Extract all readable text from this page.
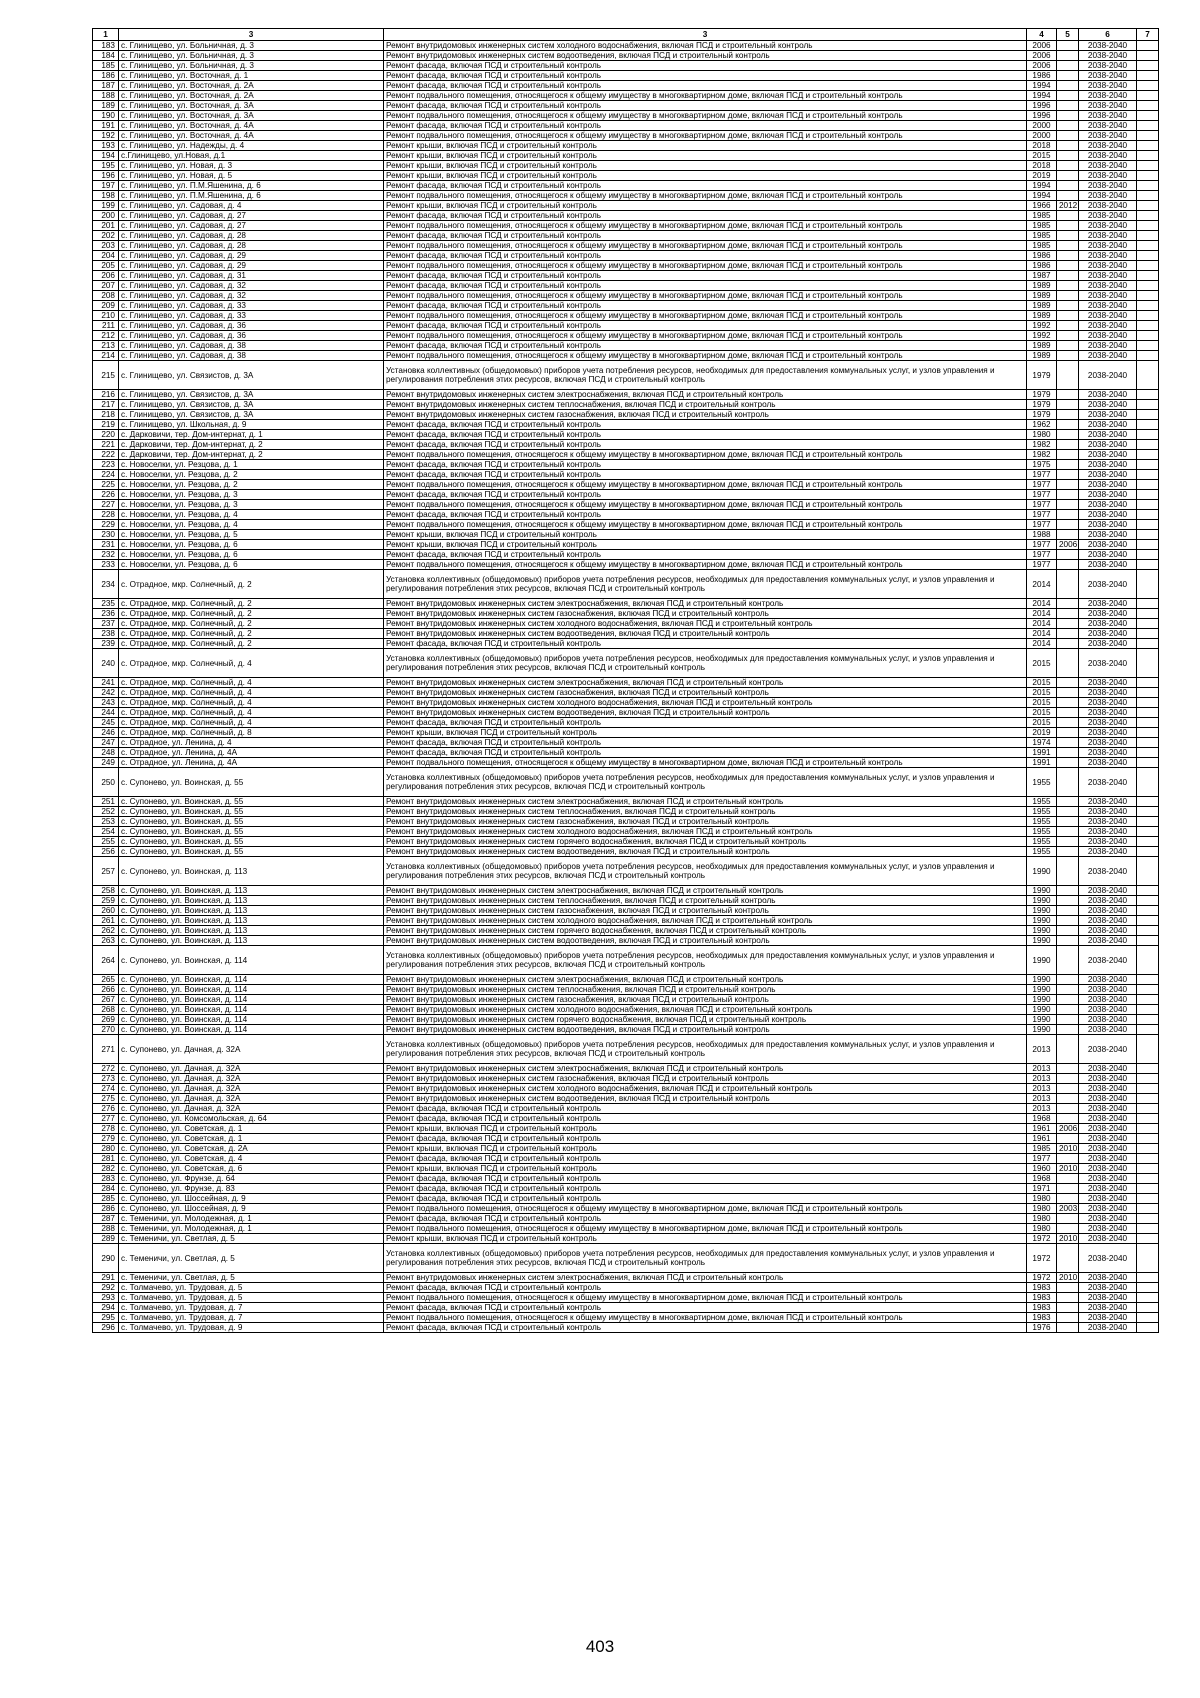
1	3	3	4	5	6	7
183	с. Глинищево, ул. Больничная, д. 3	Ремонт внутридомовых инженерных систем холодного водоснабжения, включая ПСД и строительный контроль	2006		2038-2040	
184	с. Глинищево, ул. Больничная, д. 3	Ремонт внутридомовых инженерных систем водоотведения, включая ПСД и строительный контроль	2006		2038-2040	
185	с. Глинищево, ул. Больничная, д. 3	Ремонт фасада, включая ПСД и строительный контроль	2006		2038-2040	
186	с. Глинищево, ул. Восточная, д. 1	Ремонт фасада, включая ПСД и строительный контроль	1986		2038-2040	
187	с. Глинищево, ул. Восточная, д. 2А	Ремонт фасада, включая ПСД и строительный контроль	1994		2038-2040	
188	с. Глинищево, ул. Восточная, д. 2А	Ремонт подвального помещения, относящегося к общему имуществу в многоквартирном доме, включая ПСД и строительный контроль	1994		2038-2040	
189	с. Глинищево, ул. Восточная, д. 3А	Ремонт фасада, включая ПСД и строительный контроль	1996		2038-2040	
190	с. Глинищево, ул. Восточная, д. 3А	Ремонт подвального помещения, относящегося к общему имуществу в многоквартирном доме, включая ПСД и строительный контроль	1996		2038-2040	
191	с. Глинищево, ул. Восточная, д. 4А	Ремонт фасада, включая ПСД и строительный контроль	2000		2038-2040	
192	с. Глинищево, ул. Восточная, д. 4А	Ремонт подвального помещения, относящегося к общему имуществу в многоквартирном доме, включая ПСД и строительный контроль	2000		2038-2040	
193	с. Глинищево, ул. Надежды, д. 4	Ремонт крыши, включая ПСД и строительный контроль	2018		2038-2040	
194	с.Глинищево, ул.Новая, д.1	Ремонт крыши, включая ПСД и строительный контроль	2015		2038-2040	
195	с. Глинищево, ул. Новая, д. 3	Ремонт крыши, включая ПСД и строительный контроль	2018		2038-2040	
196	с. Глинищево, ул. Новая, д. 5	Ремонт крыши, включая ПСД и строительный контроль	2019		2038-2040	
197	с. Глинищево, ул. П.М.Яшенина, д. 6	Ремонт фасада, включая ПСД и строительный контроль	1994		2038-2040	
198	с. Глинищево, ул. П.М.Яшенина, д. 6	Ремонт подвального помещения, относящегося к общему имуществу в многоквартирном доме, включая ПСД и строительный контроль	1994		2038-2040	
199	с. Глинищево, ул. Садовая, д. 4	Ремонт крыши, включая ПСД и строительный контроль	1966	2012	2038-2040	
200	с. Глинищево, ул. Садовая, д. 27	Ремонт фасада, включая ПСД и строительный контроль	1985		2038-2040	
201	с. Глинищево, ул. Садовая, д. 27	Ремонт подвального помещения, относящегося к общему имуществу в многоквартирном доме, включая ПСД и строительный контроль	1985		2038-2040	
202	с. Глинищево, ул. Садовая, д. 28	Ремонт фасада, включая ПСД и строительный контроль	1985		2038-2040	
203	с. Глинищево, ул. Садовая, д. 28	Ремонт подвального помещения, относящегося к общему имуществу в многоквартирном доме, включая ПСД и строительный контроль	1985		2038-2040	
204	с. Глинищево, ул. Садовая, д. 29	Ремонт фасада, включая ПСД и строительный контроль	1986		2038-2040	
205	с. Глинищево, ул. Садовая, д. 29	Ремонт подвального помещения, относящегося к общему имуществу в многоквартирном доме, включая ПСД и строительный контроль	1986		2038-2040	
206	с. Глинищево, ул. Садовая, д. 31	Ремонт фасада, включая ПСД и строительный контроль	1987		2038-2040	
207	с. Глинищево, ул. Садовая, д. 32	Ремонт фасада, включая ПСД и строительный контроль	1989		2038-2040	
208	с. Глинищево, ул. Садовая, д. 32	Ремонт подвального помещения, относящегося к общему имуществу в многоквартирном доме, включая ПСД и строительный контроль	1989		2038-2040	
209	с. Глинищево, ул. Садовая, д. 33	Ремонт фасада, включая ПСД и строительный контроль	1989		2038-2040	
210	с. Глинищево, ул. Садовая, д. 33	Ремонт подвального помещения, относящегося к общему имуществу в многоквартирном доме, включая ПСД и строительный контроль	1989		2038-2040	
211	с. Глинищево, ул. Садовая, д. 36	Ремонт фасада, включая ПСД и строительный контроль	1992		2038-2040	
212	с. Глинищево, ул. Садовая, д. 36	Ремонт подвального помещения, относящегося к общему имуществу в многоквартирном доме, включая ПСД и строительный контроль	1992		2038-2040	
213	с. Глинищево, ул. Садовая, д. 38	Ремонт фасада, включая ПСД и строительный контроль	1989		2038-2040	
214	с. Глинищево, ул. Садовая, д. 38	Ремонт подвального помещения, относящегося к общему имуществу в многоквартирном доме, включая ПСД и строительный контроль	1989		2038-2040	
215	с. Глинищево, ул. Связистов, д. 3А	Установка коллективных (общедомовых) приборов учета потребления ресурсов, необходимых для предоставления коммунальных услуг, и узлов управления и регулирования потребления этих ресурсов, включая ПСД и строительный контроль	1979		2038-2040	
216	с. Глинищево, ул. Связистов, д. 3А	Ремонт внутридомовых инженерных систем электроснабжения, включая ПСД и строительный контроль	1979		2038-2040	
217	с. Глинищево, ул. Связистов, д. 3А	Ремонт внутридомовых инженерных систем теплоснабжения, включая ПСД и строительный контроль	1979		2038-2040	
218	с. Глинищево, ул. Связистов, д. 3А	Ремонт внутридомовых инженерных систем газоснабжения, включая ПСД и строительный контроль	1979		2038-2040	
219	с. Глинищево, ул. Школьная, д. 9	Ремонт фасада, включая ПСД и строительный контроль	1962		2038-2040	
220	с. Дарковичи, тер. Дом-интернат, д. 1	Ремонт фасада, включая ПСД и строительный контроль	1980		2038-2040	
221	с. Дарковичи, тер. Дом-интернат, д. 2	Ремонт фасада, включая ПСД и строительный контроль	1982		2038-2040	
222	с. Дарковичи, тер. Дом-интернат, д. 2	Ремонт подвального помещения, относящегося к общему имуществу в многоквартирном доме, включая ПСД и строительный контроль	1982		2038-2040	
223	с. Новоселки, ул. Резцова, д. 1	Ремонт фасада, включая ПСД и строительный контроль	1975		2038-2040	
224	с. Новоселки, ул. Резцова, д. 2	Ремонт фасада, включая ПСД и строительный контроль	1977		2038-2040	
225	с. Новоселки, ул. Резцова, д. 2	Ремонт подвального помещения, относящегося к общему имуществу в многоквартирном доме, включая ПСД и строительный контроль	1977		2038-2040	
226	с. Новоселки, ул. Резцова, д. 3	Ремонт фасада, включая ПСД и строительный контроль	1977		2038-2040	
227	с. Новоселки, ул. Резцова, д. 3	Ремонт подвального помещения, относящегося к общему имуществу в многоквартирном доме, включая ПСД и строительный контроль	1977		2038-2040	
228	с. Новоселки, ул. Резцова, д. 4	Ремонт фасада, включая ПСД и строительный контроль	1977		2038-2040	
229	с. Новоселки, ул. Резцова, д. 4	Ремонт подвального помещения, относящегося к общему имуществу в многоквартирном доме, включая ПСД и строительный контроль	1977		2038-2040	
230	с. Новоселки, ул. Резцова, д. 5	Ремонт крыши, включая ПСД и строительный контроль	1988		2038-2040	
231	с. Новоселки, ул. Резцова, д. 6	Ремонт крыши, включая ПСД и строительный контроль	1977	2006	2038-2040	
232	с. Новоселки, ул. Резцова, д. 6	Ремонт фасада, включая ПСД и строительный контроль	1977		2038-2040	
233	с. Новоселки, ул. Резцова, д. 6	Ремонт подвального помещения, относящегося к общему имуществу в многоквартирном доме, включая ПСД и строительный контроль	1977		2038-2040	
234	с. Отрадное, мкр. Солнечный, д. 2	Установка коллективных (общедомовых) приборов учета потребления ресурсов, необходимых для предоставления коммунальных услуг, и узлов управления и регулирования потребления этих ресурсов, включая ПСД и строительный контроль	2014		2038-2040	
235	с. Отрадное, мкр. Солнечный, д. 2	Ремонт внутридомовых инженерных систем электроснабжения, включая ПСД и строительный контроль	2014		2038-2040	
236	с. Отрадное, мкр. Солнечный, д. 2	Ремонт внутридомовых инженерных систем газоснабжения, включая ПСД и строительный контроль	2014		2038-2040	
237	с. Отрадное, мкр. Солнечный, д. 2	Ремонт внутридомовых инженерных систем холодного водоснабжения, включая ПСД и строительный контроль	2014		2038-2040	
238	с. Отрадное, мкр. Солнечный, д. 2	Ремонт внутридомовых инженерных систем водоотведения, включая ПСД и строительный контроль	2014		2038-2040	
239	с. Отрадное, мкр. Солнечный, д. 2	Ремонт фасада, включая ПСД и строительный контроль	2014		2038-2040	
240	с. Отрадное, мкр. Солнечный, д. 4	Установка коллективных (общедомовых) приборов учета потребления ресурсов, необходимых для предоставления коммунальных услуг, и узлов управления и регулирования потребления этих ресурсов, включая ПСД и строительный контроль	2015		2038-2040	
241	с. Отрадное, мкр. Солнечный, д. 4	Ремонт внутридомовых инженерных систем электроснабжения, включая ПСД и строительный контроль	2015		2038-2040	
242	с. Отрадное, мкр. Солнечный, д. 4	Ремонт внутридомовых инженерных систем газоснабжения, включая ПСД и строительный контроль	2015		2038-2040	
243	с. Отрадное, мкр. Солнечный, д. 4	Ремонт внутридомовых инженерных систем холодного водоснабжения, включая ПСД и строительный контроль	2015		2038-2040	
244	с. Отрадное, мкр. Солнечный, д. 4	Ремонт внутридомовых инженерных систем водоотведения, включая ПСД и строительный контроль	2015		2038-2040	
245	с. Отрадное, мкр. Солнечный, д. 4	Ремонт фасада, включая ПСД и строительный контроль	2015		2038-2040	
246	с. Отрадное, мкр. Солнечный, д. 8	Ремонт крыши, включая ПСД и строительный контроль	2019		2038-2040	
247	с. Отрадное, ул. Ленина, д. 4	Ремонт фасада, включая ПСД и строительный контроль	1974		2038-2040	
248	с. Отрадное, ул. Ленина, д. 4А	Ремонт фасада, включая ПСД и строительный контроль	1991		2038-2040	
249	с. Отрадное, ул. Ленина, д. 4А	Ремонт подвального помещения, относящегося к общему имуществу в многоквартирном доме, включая ПСД и строительный контроль	1991		2038-2040	
250	с. Супонево, ул. Воинская, д. 55	Установка коллективных (общедомовых) приборов учета потребления ресурсов, необходимых для предоставления коммунальных услуг, и узлов управления и регулирования потребления этих ресурсов, включая ПСД и строительный контроль	1955		2038-2040	
251	с. Супонево, ул. Воинская, д. 55	Ремонт внутридомовых инженерных систем электроснабжения, включая ПСД и строительный контроль	1955		2038-2040	
252	с. Супонево, ул. Воинская, д. 55	Ремонт внутридомовых инженерных систем теплоснабжения, включая ПСД и строительный контроль	1955		2038-2040	
253	с. Супонево, ул. Воинская, д. 55	Ремонт внутридомовых инженерных систем газоснабжения, включая ПСД и строительный контроль	1955		2038-2040	
254	с. Супонево, ул. Воинская, д. 55	Ремонт внутридомовых инженерных систем холодного водоснабжения, включая ПСД и строительный контроль	1955		2038-2040	
255	с. Супонево, ул. Воинская, д. 55	Ремонт внутридомовых инженерных систем горячего водоснабжения, включая ПСД и строительный контроль	1955		2038-2040	
256	с. Супонево, ул. Воинская, д. 55	Ремонт внутридомовых инженерных систем водоотведения, включая ПСД и строительный контроль	1955		2038-2040	
257	с. Супонево, ул. Воинская, д. 113	Установка коллективных (общедомовых) приборов учета потребления ресурсов, необходимых для предоставления коммунальных услуг, и узлов управления и регулирования потребления этих ресурсов, включая ПСД и строительный контроль	1990		2038-2040	
258	с. Супонево, ул. Воинская, д. 113	Ремонт внутридомовых инженерных систем электроснабжения, включая ПСД и строительный контроль	1990		2038-2040	
259	с. Супонево, ул. Воинская, д. 113	Ремонт внутридомовых инженерных систем теплоснабжения, включая ПСД и строительный контроль	1990		2038-2040	
260	с. Супонево, ул. Воинская, д. 113	Ремонт внутридомовых инженерных систем газоснабжения, включая ПСД и строительный контроль	1990		2038-2040	
261	с. Супонево, ул. Воинская, д. 113	Ремонт внутридомовых инженерных систем холодного водоснабжения, включая ПСД и строительный контроль	1990		2038-2040	
262	с. Супонево, ул. Воинская, д. 113	Ремонт внутридомовых инженерных систем горячего водоснабжения, включая ПСД и строительный контроль	1990		2038-2040	
263	с. Супонево, ул. Воинская, д. 113	Ремонт внутридомовых инженерных систем водоотведения, включая ПСД и строительный контроль	1990		2038-2040	
264	с. Супонево, ул. Воинская, д. 114	Установка коллективных (общедомовых) приборов учета потребления ресурсов, необходимых для предоставления коммунальных услуг, и узлов управления и регулирования потребления этих ресурсов, включая ПСД и строительный контроль	1990		2038-2040	
265	с. Супонево, ул. Воинская, д. 114	Ремонт внутридомовых инженерных систем электроснабжения, включая ПСД и строительный контроль	1990		2038-2040	
266	с. Супонево, ул. Воинская, д. 114	Ремонт внутридомовых инженерных систем теплоснабжения, включая ПСД и строительный контроль	1990		2038-2040	
267	с. Супонево, ул. Воинская, д. 114	Ремонт внутридомовых инженерных систем газоснабжения, включая ПСД и строительный контроль	1990		2038-2040	
268	с. Супонево, ул. Воинская, д. 114	Ремонт внутридомовых инженерных систем холодного водоснабжения, включая ПСД и строительный контроль	1990		2038-2040	
269	с. Супонево, ул. Воинская, д. 114	Ремонт внутридомовых инженерных систем горячего водоснабжения, включая ПСД и строительный контроль	1990		2038-2040	
270	с. Супонево, ул. Воинская, д. 114	Ремонт внутридомовых инженерных систем водоотведения, включая ПСД и строительный контроль	1990		2038-2040	
271	с. Супонево, ул. Дачная, д. 32А	Установка коллективных (общедомовых) приборов учета потребления ресурсов, необходимых для предоставления коммунальных услуг, и узлов управления и регулирования потребления этих ресурсов, включая ПСД и строительный контроль	2013		2038-2040	
272	с. Супонево, ул. Дачная, д. 32А	Ремонт внутридомовых инженерных систем электроснабжения, включая ПСД и строительный контроль	2013		2038-2040	
273	с. Супонево, ул. Дачная, д. 32А	Ремонт внутридомовых инженерных систем газоснабжения, включая ПСД и строительный контроль	2013		2038-2040	
274	с. Супонево, ул. Дачная, д. 32А	Ремонт внутридомовых инженерных систем холодного водоснабжения, включая ПСД и строительный контроль	2013		2038-2040	
275	с. Супонево, ул. Дачная, д. 32А	Ремонт внутридомовых инженерных систем водоотведения, включая ПСД и строительный контроль	2013		2038-2040	
276	с. Супонево, ул. Дачная, д. 32А	Ремонт фасада, включая ПСД и строительный контроль	2013		2038-2040	
277	с. Супонево, ул. Комсомольская, д. 64	Ремонт фасада, включая ПСД и строительный контроль	1968		2038-2040	
278	с. Супонево, ул. Советская, д. 1	Ремонт крыши, включая ПСД и строительный контроль	1961	2006	2038-2040	
279	с. Супонево, ул. Советская, д. 1	Ремонт фасада, включая ПСД и строительный контроль	1961		2038-2040	
280	с. Супонево, ул. Советская, д. 2А	Ремонт крыши, включая ПСД и строительный контроль	1985	2010	2038-2040	
281	с. Супонево, ул. Советская, д. 4	Ремонт фасада, включая ПСД и строительный контроль	1977		2038-2040	
282	с. Супонево, ул. Советская, д. 6	Ремонт крыши, включая ПСД и строительный контроль	1960	2010	2038-2040	
283	с. Супонево, ул. Фрунзе, д. 64	Ремонт фасада, включая ПСД и строительный контроль	1968		2038-2040	
284	с. Супонево, ул. Фрунзе, д. 83	Ремонт фасада, включая ПСД и строительный контроль	1971		2038-2040	
285	с. Супонево, ул. Шоссейная, д. 9	Ремонт фасада, включая ПСД и строительный контроль	1980		2038-2040	
286	с. Супонево, ул. Шоссейная, д. 9	Ремонт подвального помещения, относящегося к общему имуществу в многоквартирном доме, включая ПСД и строительный контроль	1980	2003	2038-2040	
287	с. Теменичи, ул. Молодежная, д. 1	Ремонт фасада, включая ПСД и строительный контроль	1980		2038-2040	
288	с. Теменичи, ул. Молодежная, д. 1	Ремонт подвального помещения, относящегося к общему имуществу в многоквартирном доме, включая ПСД и строительный контроль	1980		2038-2040	
289	с. Теменичи, ул. Светлая, д. 5	Ремонт крыши, включая ПСД и строительный контроль	1972	2010	2038-2040	
290	с. Теменичи, ул. Светлая, д. 5	Установка коллективных (общедомовых) приборов учета потребления ресурсов, необходимых для предоставления коммунальных услуг, и узлов управления и регулирования потребления этих ресурсов, включая ПСД и строительный контроль	1972		2038-2040	
291	с. Теменичи, ул. Светлая, д. 5	Ремонт внутридомовых инженерных систем электроснабжения, включая ПСД и строительный контроль	1972	2010	2038-2040	
292	с. Толмачево, ул. Трудовая, д. 5	Ремонт фасада, включая ПСД и строительный контроль	1983		2038-2040	
293	с. Толмачево, ул. Трудовая, д. 5	Ремонт подвального помещения, относящегося к общему имуществу в многоквартирном доме, включая ПСД и строительный контроль	1983		2038-2040	
294	с. Толмачево, ул. Трудовая, д. 7	Ремонт фасада, включая ПСД и строительный контроль	1983		2038-2040	
295	с. Толмачево, ул. Трудовая, д. 7	Ремонт подвального помещения, относящегося к общему имуществу в многоквартирном доме, включая ПСД и строительный контроль	1983		2038-2040	
296	с. Толмачево, ул. Трудовая, д. 9	Ремонт фасада, включая ПСД и строительный контроль	1976		2038-2040	
403
